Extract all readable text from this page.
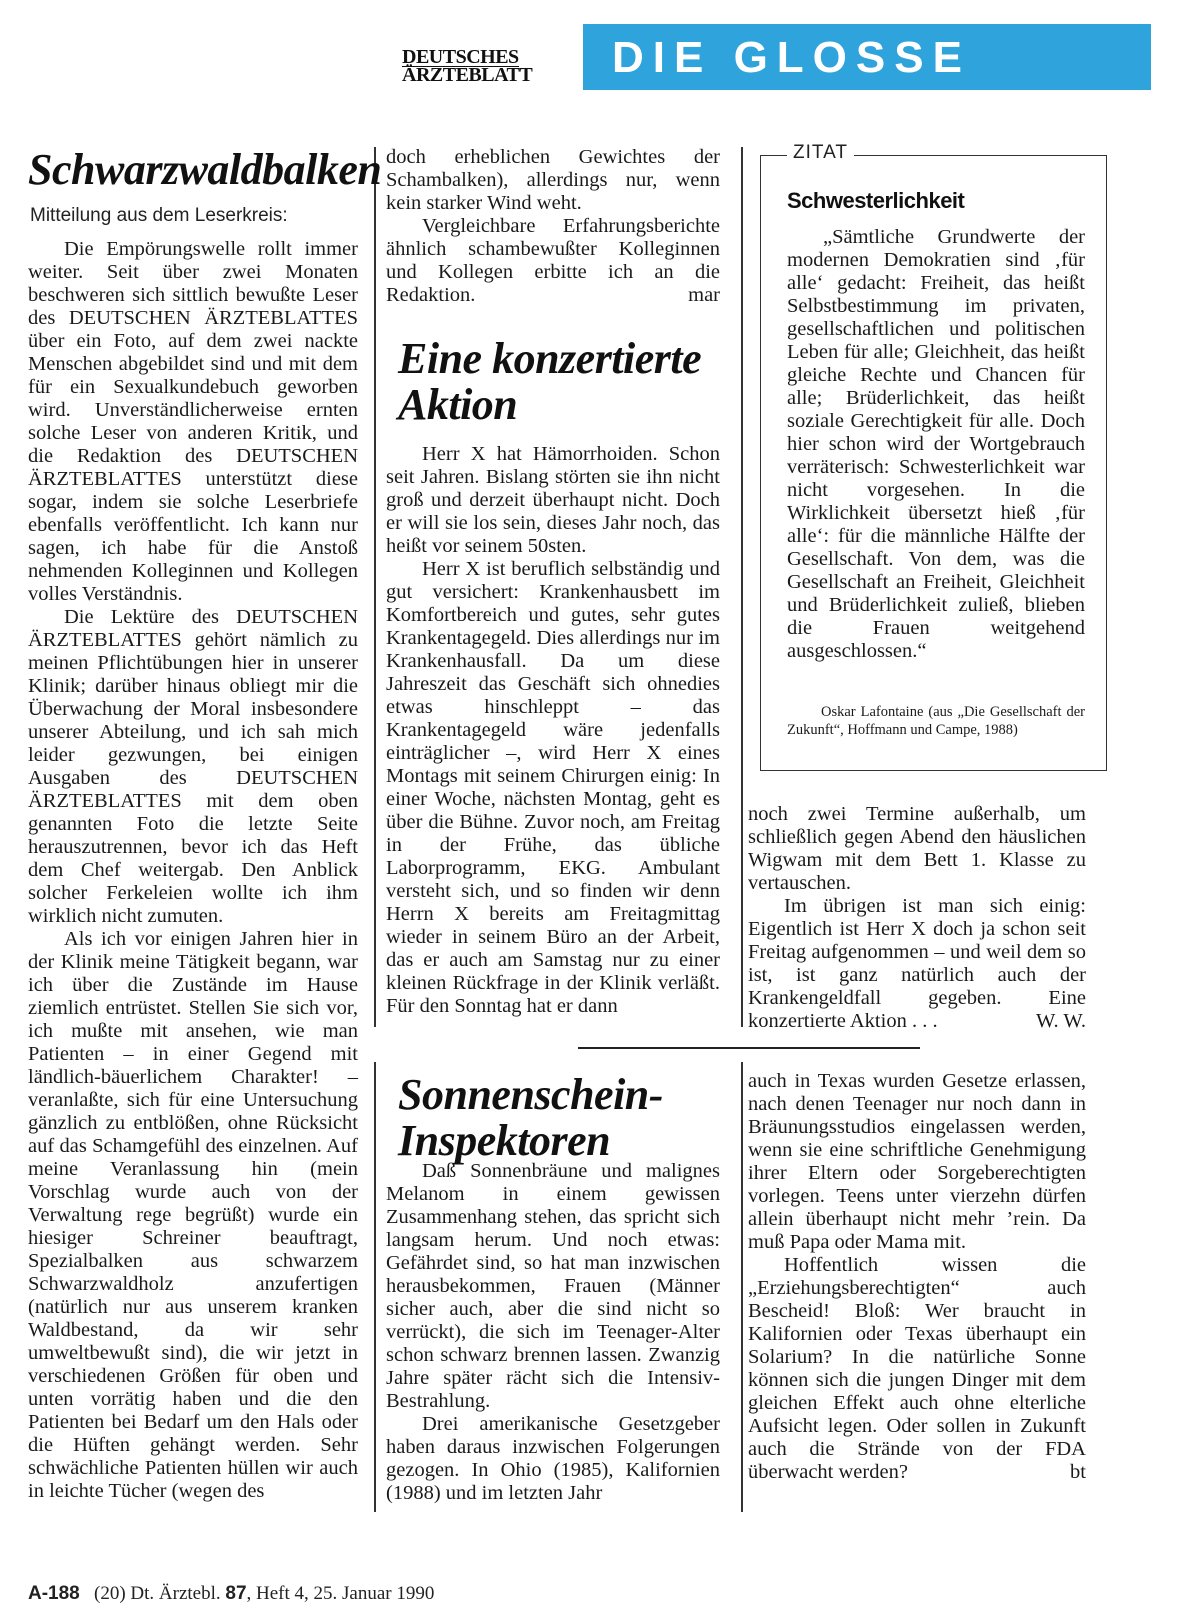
DEUTSCHES
ÄRZTEBLATT	DIE GLOSSE
Schwarzwaldbalken
Mitteilung aus dem Leserkreis:

Die Empörungswelle rollt immer weiter. Seit über zwei Monaten beschweren sich sittlich bewußte Leser des DEUTSCHEN ÄRZTEBLATTES über ein Foto, auf dem zwei nackte Menschen abgebildet sind und mit dem für ein Sexualkundebuch geworben wird. Unverständlicherweise ernten solche Leser von anderen Kritik, und die Redaktion des DEUTSCHEN ÄRZTEBLATTES unterstützt diese sogar, indem sie solche Leserbriefe ebenfalls veröffentlicht. Ich kann nur sagen, ich habe für die Anstoß nehmenden Kolleginnen und Kollegen volles Verständnis.

Die Lektüre des DEUTSCHEN ÄRZTEBLATTES gehört nämlich zu meinen Pflichtübungen hier in unserer Klinik; darüber hinaus obliegt mir die Überwachung der Moral insbesondere unserer Abteilung, und ich sah mich leider gezwungen, bei einigen Ausgaben des DEUTSCHEN ÄRZTEBLATTES mit dem oben genannten Foto die letzte Seite herauszutrennen, bevor ich das Heft dem Chef weitergab. Den Anblick solcher Ferkeleien wollte ich ihm wirklich nicht zumuten.

Als ich vor einigen Jahren hier in der Klinik meine Tätigkeit begann, war ich über die Zustände im Hause ziemlich entrüstet. Stellen Sie sich vor, ich mußte mit ansehen, wie man Patienten – in einer Gegend mit ländlich-bäuerlichem Charakter! – veranlaßte, sich für eine Untersuchung gänzlich zu entblößen, ohne Rücksicht auf das Schamgefühl des einzelnen. Auf meine Veranlassung hin (mein Vorschlag wurde auch von der Verwaltung rege begrüßt) wurde ein hiesiger Schreiner beauftragt, Spezialbalken aus schwarzem Schwarzwaldholz anzufertigen (natürlich nur aus unserem kranken Waldbestand, da wir sehr umweltbewußt sind), die wir jetzt in verschiedenen Größen für oben und unten vorrätig haben und die den Patienten bei Bedarf um den Hals oder die Hüften gehängt werden. Sehr schwächliche Patienten hüllen wir auch in leichte Tücher (wegen des

doch erheblichen Gewichtes der Schambalken), allerdings nur, wenn kein starker Wind weht.

Vergleichbare Erfahrungsberichte ähnlich schambewußter Kolleginnen und Kollegen erbitte ich an die Redaktion.	mar

Eine konzertierte
Aktion

Herr X hat Hämorrhoiden. Schon seit Jahren. Bislang störten sie ihn nicht groß und derzeit überhaupt nicht. Doch er will sie los sein, dieses Jahr noch, das heißt vor seinem 50sten.

Herr X ist beruflich selbständig und gut versichert: Krankenhausbett im Komfortbereich und gutes, sehr gutes Krankentagegeld. Dies allerdings nur im Krankenhausfall. Da um diese Jahreszeit das Geschäft sich ohnedies etwas hinschleppt – das Krankentagegeld wäre jedenfalls einträglicher –, wird Herr X eines Montags mit seinem Chirurgen einig: In einer Woche, nächsten Montag, geht es über die Bühne. Zuvor noch, am Freitag in der Frühe, das übliche Laborprogramm, EKG. Ambulant versteht sich, und so finden wir denn Herrn X bereits am Freitagmittag wieder in seinem Büro an der Arbeit, das er auch am Samstag nur zu einer kleinen Rückfrage in der Klinik verläßt. Für den Sonntag hat er dann

ZITAT
Schwesterlichkeit

„Sämtliche Grundwerte der modernen Demokratien sind ‚für alle‘ gedacht: Freiheit, das heißt Selbstbestimmung im privaten, gesellschaftlichen und politischen Leben für alle; Gleichheit, das heißt gleiche Rechte und Chancen für alle; Brüderlichkeit, das heißt soziale Gerechtigkeit für alle. Doch hier schon wird der Wortgebrauch verräterisch: Schwesterlichkeit war nicht vorgesehen. In die Wirklichkeit übersetzt hieß ‚für alle‘: für die männliche Hälfte der Gesellschaft. Von dem, was die Gesellschaft an Freiheit, Gleichheit und Brüderlichkeit zuließ, blieben die Frauen weitgehend ausgeschlossen.“

Oskar Lafontaine (aus „Die Gesellschaft der Zukunft“, Hoffmann und Campe, 1988)

noch zwei Termine außerhalb, um schließlich gegen Abend den häuslichen Wigwam mit dem Bett 1. Klasse zu vertauschen.

Im übrigen ist man sich einig: Eigentlich ist Herr X doch ja schon seit Freitag aufgenommen – und weil dem so ist, ist ganz natürlich auch der Krankengeldfall gegeben. Eine konzertierte Aktion . . .	W. W.

Sonnenschein-
Inspektoren

Daß Sonnenbräune und malignes Melanom in einem gewissen Zusammenhang stehen, das spricht sich langsam herum. Und noch etwas: Gefährdet sind, so hat man inzwischen herausbekommen, Frauen (Männer sicher auch, aber die sind nicht so verrückt), die sich im Teenager-Alter schon schwarz brennen lassen. Zwanzig Jahre später rächt sich die Intensiv-Bestrahlung.

Drei amerikanische Gesetzgeber haben daraus inzwischen Folgerungen gezogen. In Ohio (1985), Kalifornien (1988) und im letzten Jahr

auch in Texas wurden Gesetze erlassen, nach denen Teenager nur noch dann in Bräunungsstudios eingelassen werden, wenn sie eine schriftliche Genehmigung ihrer Eltern oder Sorgeberechtigten vorlegen. Teens unter vierzehn dürfen allein überhaupt nicht mehr ’rein. Da muß Papa oder Mama mit.

Hoffentlich wissen die „Erziehungsberechtigten“ auch Bescheid! Bloß: Wer braucht in Kalifornien oder Texas überhaupt ein Solarium? In die natürliche Sonne können sich die jungen Dinger mit dem gleichen Effekt auch ohne elterliche Aufsicht legen. Oder sollen in Zukunft auch die Strände von der FDA überwacht werden?	bt

A-188 (20) Dt. Ärztebl. 87, Heft 4, 25. Januar 1990
